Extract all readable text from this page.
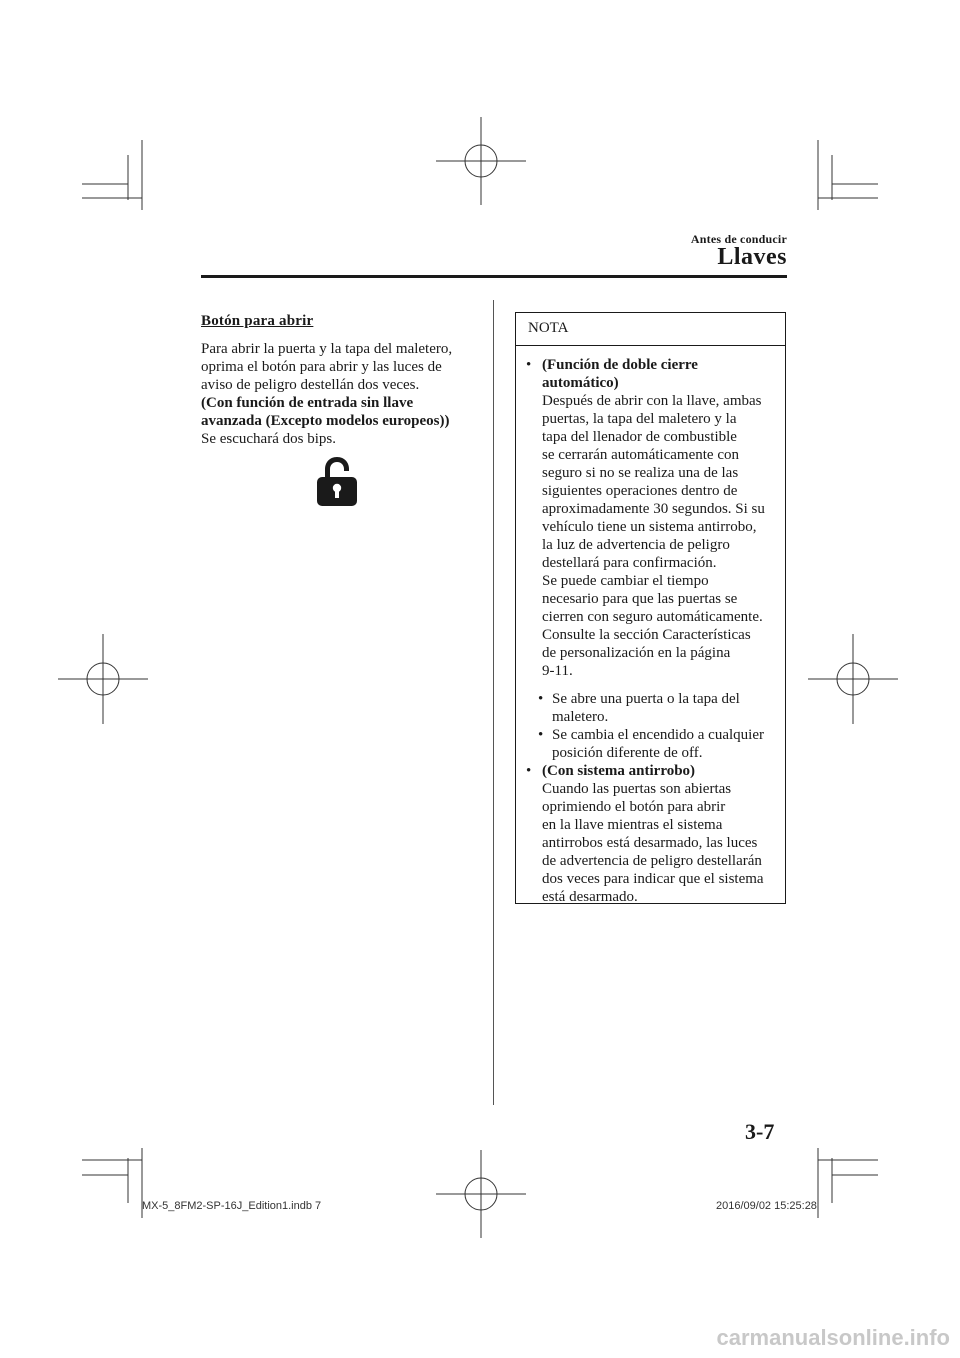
Antes de conducir
Llaves
Botón para abrir
Para abrir la puerta y la tapa del maletero,
oprima el botón para abrir y las luces de
aviso de peligro destellán dos veces.
(Con función de entrada sin llave
avanzada (Excepto modelos europeos))
Se escuchará dos bips.
NOTA
• (Función de doble cierre
automático)
Después de abrir con la llave, ambas
puertas, la tapa del maletero y la
tapa del llenador de combustible
se cerrarán automáticamente con
seguro si no se realiza una de las
siguientes operaciones dentro de
aproximadamente 30 segundos. Si su
vehículo tiene un sistema antirrobo,
la luz de advertencia de peligro
destellará para confirmación.
Se puede cambiar el tiempo
necesario para que las puertas se
cierren con seguro automáticamente.
Consulte la sección Características
de personalización en la página
9-11.
• Se abre una puerta o la tapa del
maletero.
• Se cambia el encendido a cualquier
posición diferente de off.
• (Con sistema antirrobo)
Cuando las puertas son abiertas
oprimiendo el botón para abrir
en la llave mientras el sistema
antirrobos está desarmado, las luces
de advertencia de peligro destellarán
dos veces para indicar que el sistema
está desarmado.
3-7
MX-5_8FM2-SP-16J_Edition1.indb 7	2016/09/02 15:25:28
carmanualsonline.info
